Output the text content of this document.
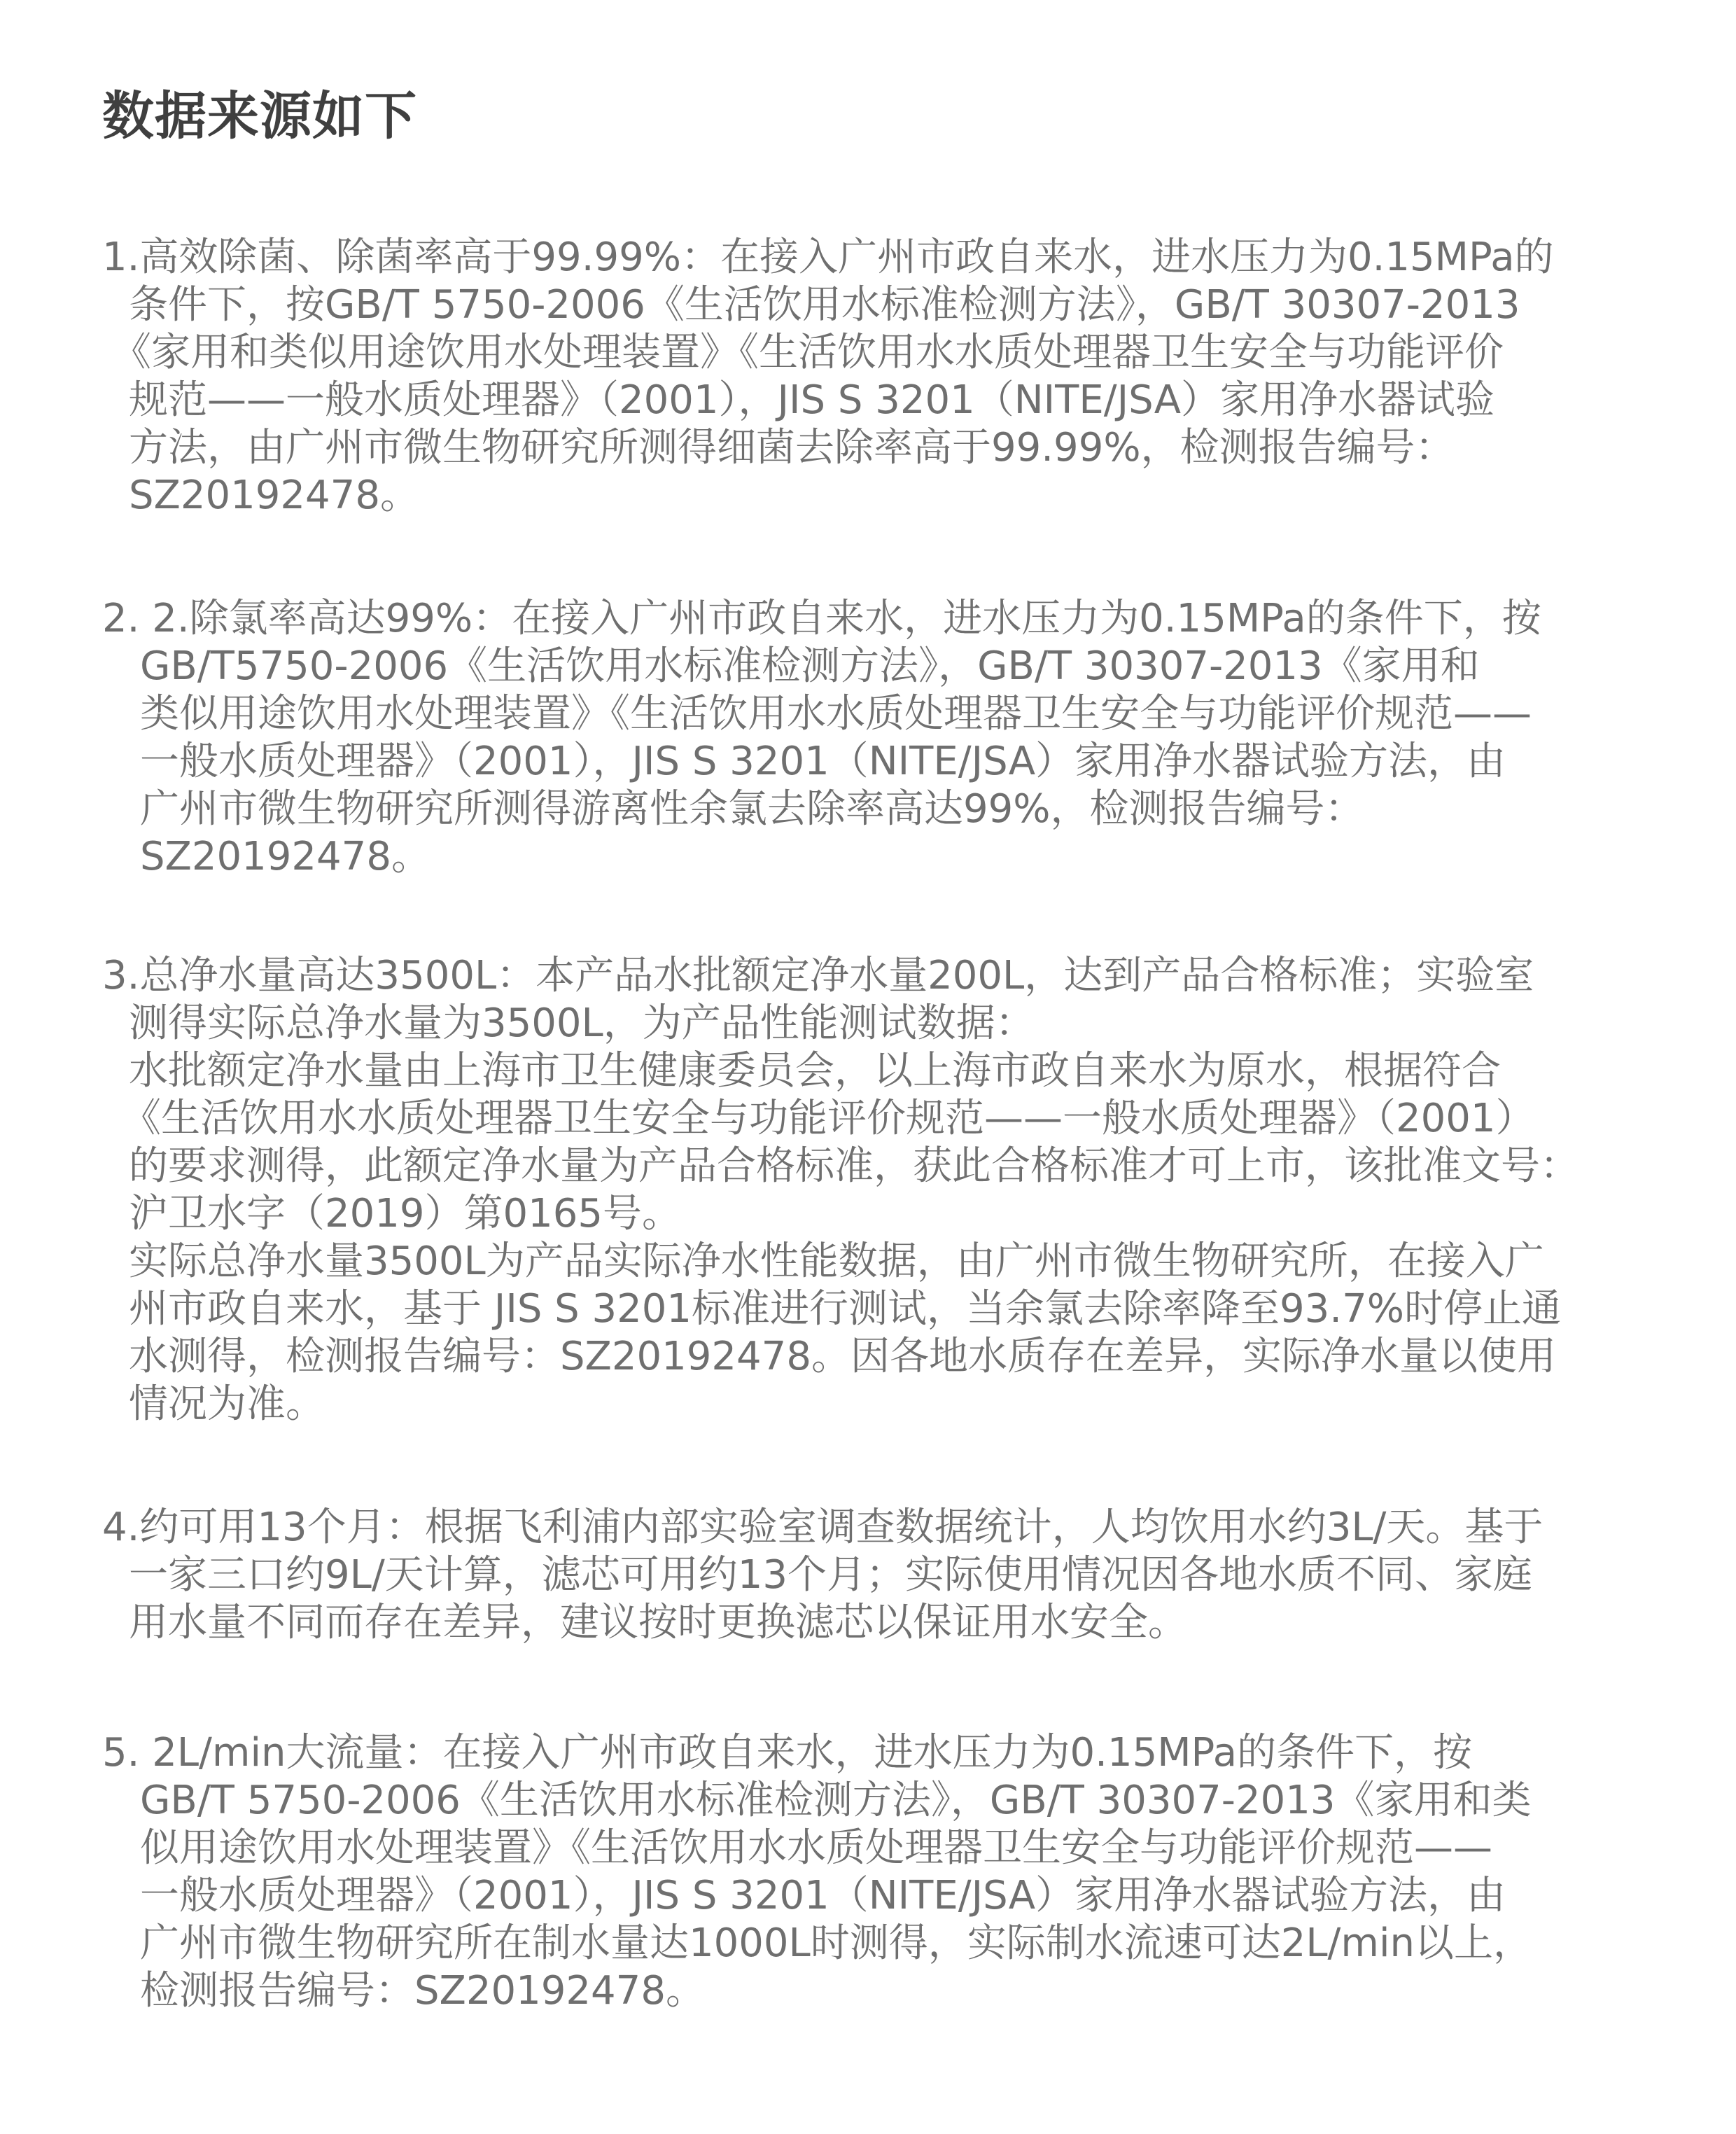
数据来源如下
1.高效除菌、除菌率高于99.99%：在接入广州市政自来水，进水压力为0.15MPa的
条件下，按GB/T 5750-2006《生活饮用水标准检测方法》，GB/T 30307-2013
《家用和类似用途饮用水处理装置》《生活饮用水水质处理器卫生安全与功能评价
规范——一般水质处理器》（2001），JIS S 3201（NITE/JSA）家用净水器试验
方法，由广州市微生物研究所测得细菌去除率高于99.99%，检测报告编号：
SZ20192478。
2. 2.除氯率高达99%：在接入广州市政自来水，进水压力为0.15MPa的条件下，按
GB/T5750-2006《生活饮用水标准检测方法》，GB/T 30307-2013《家用和
类似用途饮用水处理装置》《生活饮用水水质处理器卫生安全与功能评价规范——
一般水质处理器》（2001），JIS S 3201（NITE/JSA）家用净水器试验方法，由
广州市微生物研究所测得游离性余氯去除率高达99%，检测报告编号：
SZ20192478。
3.总净水量高达3500L：本产品水批额定净水量200L，达到产品合格标准；实验室
测得实际总净水量为3500L，为产品性能测试数据：
水批额定净水量由上海市卫生健康委员会，以上海市政自来水为原水，根据符合
《生活饮用水水质处理器卫生安全与功能评价规范——一般水质处理器》（2001）
的要求测得，此额定净水量为产品合格标准，获此合格标准才可上市，该批准文号：
沪卫水字（2019）第0165号。
实际总净水量3500L为产品实际净水性能数据，由广州市微生物研究所，在接入广
州市政自来水，基于 JIS S 3201标准进行测试，当余氯去除率降至93.7%时停止通
水测得，检测报告编号：SZ20192478。因各地水质存在差异，实际净水量以使用
情况为准。
4.约可用13个月：根据飞利浦内部实验室调查数据统计，人均饮用水约3L/天。基于
一家三口约9L/天计算，滤芯可用约13个月；实际使用情况因各地水质不同、家庭
用水量不同而存在差异，建议按时更换滤芯以保证用水安全。
5. 2L/min大流量：在接入广州市政自来水，进水压力为0.15MPa的条件下，按
GB/T 5750-2006《生活饮用水标准检测方法》，GB/T 30307-2013《家用和类
似用途饮用水处理装置》《生活饮用水水质处理器卫生安全与功能评价规范——
一般水质处理器》（2001），JIS S 3201（NITE/JSA）家用净水器试验方法，由
广州市微生物研究所在制水量达1000L时测得，实际制水流速可达2L/min以上，
检测报告编号：SZ20192478。
